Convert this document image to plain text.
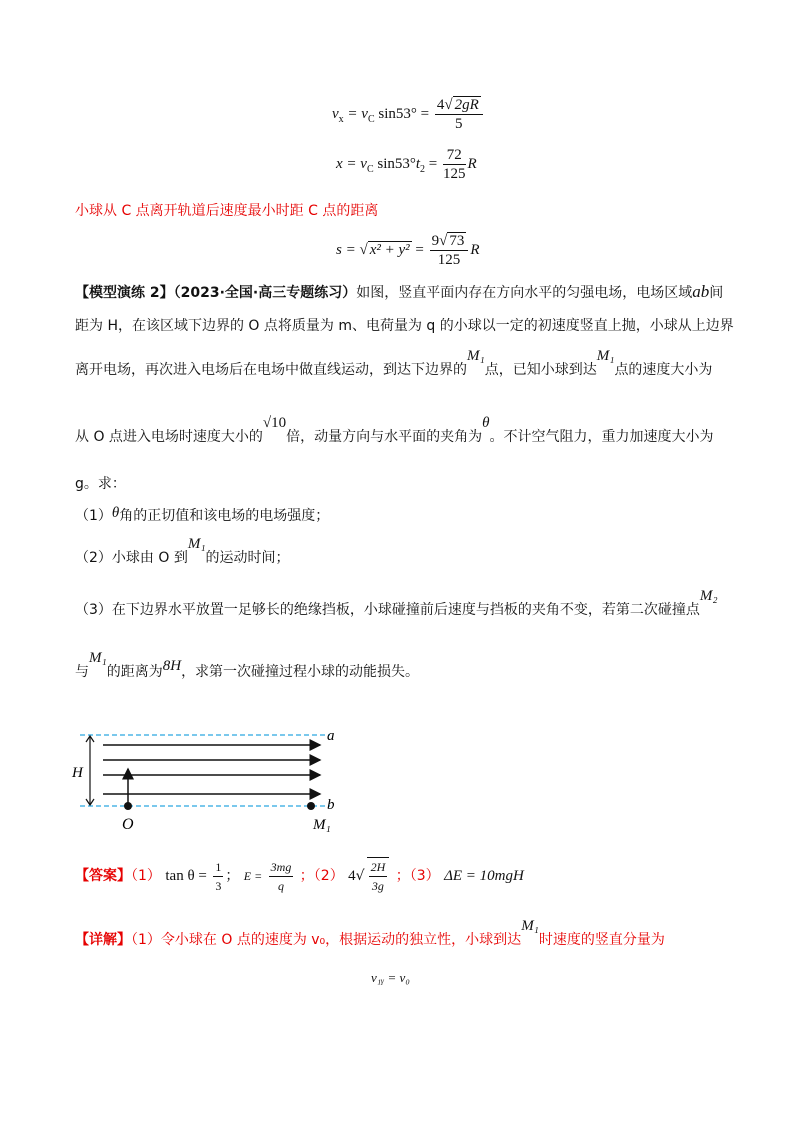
$v_x = v_C$ $\sin 53^\circ = \frac{4√ 2gR}{5}$
$x = v_C$ $\sin 53^\circ t_2 = \frac{72}{125}$ R
小球从 C 点离开轨道后速度最小时距 C 点的距离
s = √ $x^2 + y^2 = \frac{9√ 73}{125}$ R
【模型演练 2】（2023·全国·高三专题练习）如图，竖直平面内存在方向水平的匀强电场，电场区域ab间
距为 H，在该区域下边界的 O 点将质量为 m、电荷量为 q 的小球以一定的初速度竖直上抛，小球从上边界
离开电场，再次进入电场后在电场中做直线运动，到达下边界的M₁点，已知小球到达M₁点的速度大小为
从 O 点进入电场时速度大小的√10倍，动量方向与水平面的夹角为θ。不计空气阻力，重力加速度大小为
g。求：
（1）θ角的正切值和该电场的电场强度；
（2）小球由 O 到M₁的运动时间；
（3）在下边界水平放置一足够长的绝缘挡板，小球碰撞前后速度与挡板的夹角不变，若第二次碰撞点M₂
与M₁的距离为8H，求第一次碰撞过程小球的动能损失。
a
b
H
O	M₁
【答案】（1） $\tan \theta = \frac{1}{3}$ ； $E = \frac{3mg}{q}$ ；（2） $4√ \frac{2H}{3g}$ ；（3） ΔE = 10mgH
【详解】（1）令小球在 O 点的速度为 v₀，根据运动的独立性，小球到达M₁时速度的竖直分量为
v₁ᵧ = v₀
